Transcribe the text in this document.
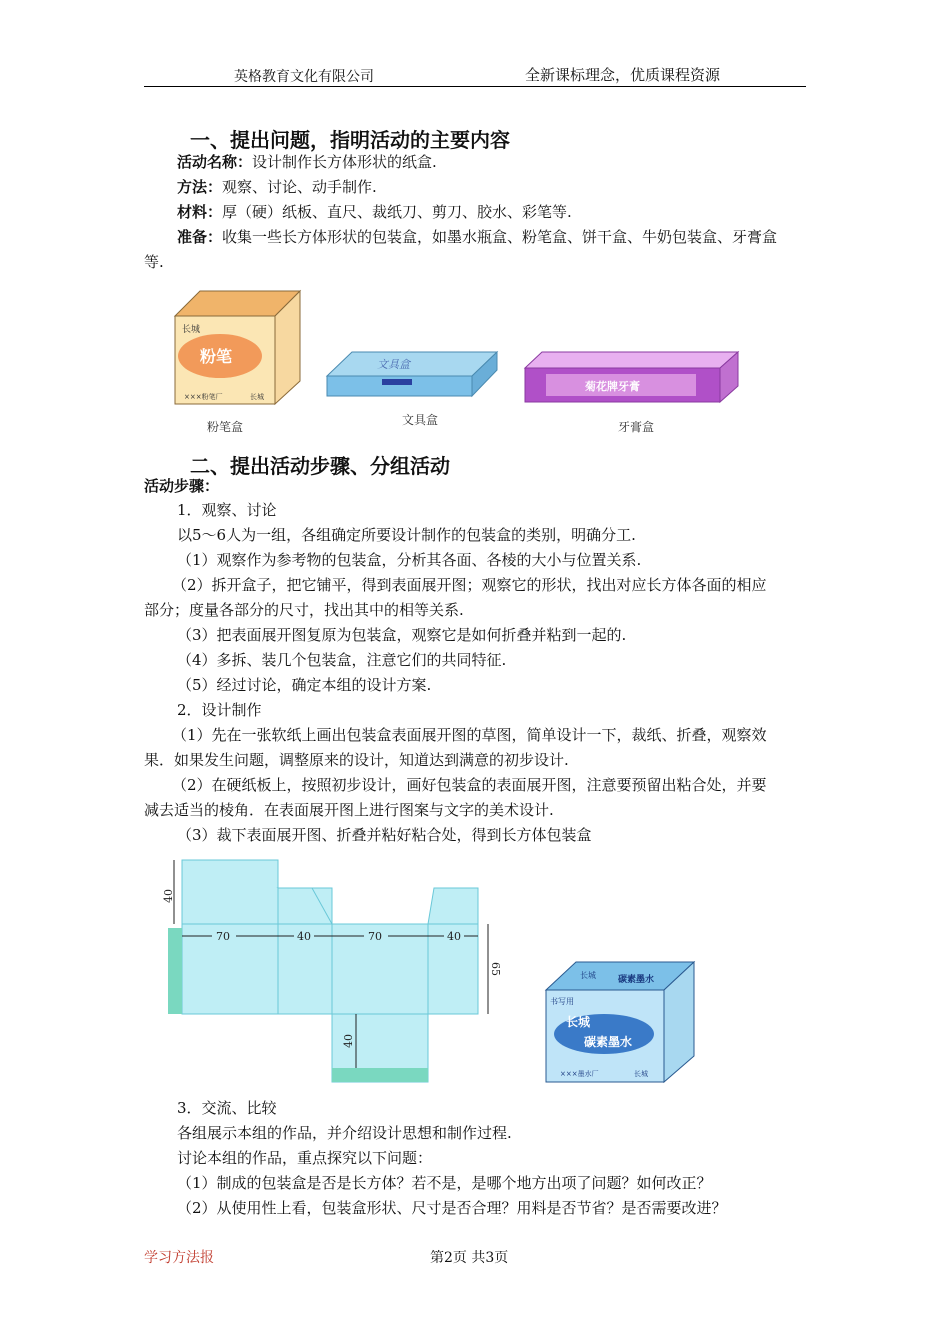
英格教育文化有限公司	全新课标理念，优质课程资源
一、提出问题，指明活动的主要内容
活动名称：设计制作长方体形状的纸盒.
方法：观察、讨论、动手制作.
材料：厚（硬）纸板、直尺、裁纸刀、剪刀、胶水、彩笔等.
准备：收集一些长方体形状的包装盒，如墨水瓶盒、粉笔盒、饼干盒、牛奶包装盒、牙膏盒
等.
长城
粉笔
×××粉笔厂	长城
粉笔盒
文具盒
文具盒
菊花牌牙膏
牙膏盒
二、提出活动步骤、分组活动
活动步骤：
1．观察、讨论
以5～6人为一组，各组确定所要设计制作的包装盒的类别，明确分工.
（1）观察作为参考物的包装盒，分析其各面、各棱的大小与位置关系.
（2）拆开盒子，把它铺平，得到表面展开图；观察它的形状，找出对应长方体各面的相应
部分；度量各部分的尺寸，找出其中的相等关系.
（3）把表面展开图复原为包装盒，观察它是如何折叠并粘到一起的.
（4）多拆、装几个包装盒，注意它们的共同特征.
（5）经过讨论，确定本组的设计方案.
2．设计制作
（1）先在一张软纸上画出包装盒表面展开图的草图，简单设计一下，裁纸、折叠，观察效
果．如果发生问题，调整原来的设计，知道达到满意的初步设计.
（2）在硬纸板上，按照初步设计，画好包装盒的表面展开图，注意要预留出粘合处，并要
减去适当的棱角．在表面展开图上进行图案与文字的美术设计.
（3）裁下表面展开图、折叠并粘好粘合处，得到长方体包装盒
70	40	70	40
40
65
40
长城 碳素墨水
书写用
长城
碳素墨水
×××墨水厂	长城
3．交流、比较
各组展示本组的作品，并介绍设计思想和制作过程.
讨论本组的作品，重点探究以下问题：
（1）制成的包装盒是否是长方体？若不是，是哪个地方出项了问题？如何改正？
（2）从使用性上看，包装盒形状、尺寸是否合理？用料是否节省？是否需要改进？
学习方法报	第2页 共3页
